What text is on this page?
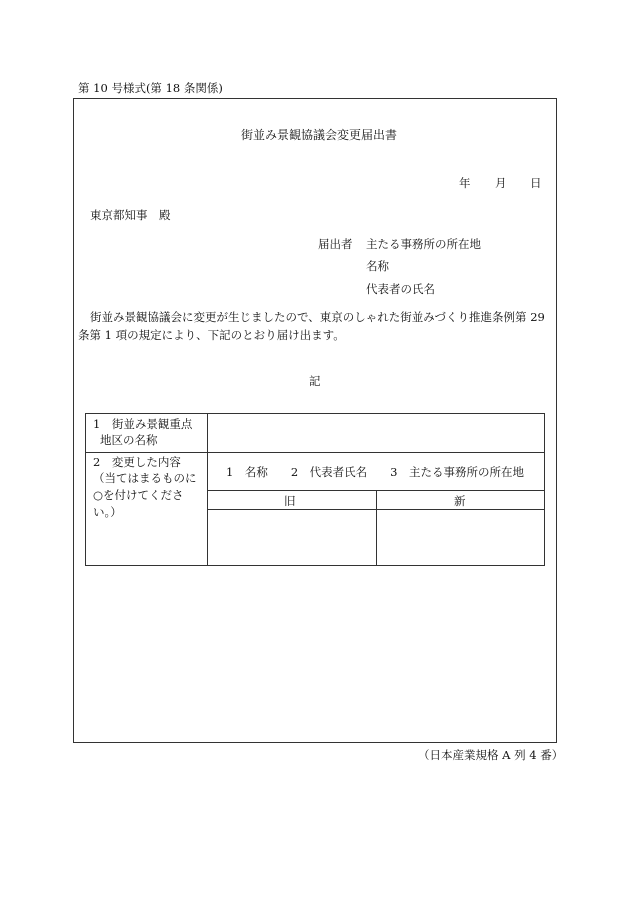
第 10 号様式(第 18 条関係)
街並み景観協議会変更届出書
年 月 日
東京都知事　殿
届出者 主たる事務所の所在地
名称
代表者の氏名
街並み景観協議会に変更が生じましたので、東京のしゃれた街並みづくり推進条例第 29
条第 1 項の規定により、下記のとおり届け出ます。
記
1　街並み景観重点
地区の名称
2　変更した内容
（当てはまるものに○を付けてください。）
1　名称　　2　代表者氏名　　3　主たる事務所の所在地
旧	新
（日本産業規格 A 列 4 番）
